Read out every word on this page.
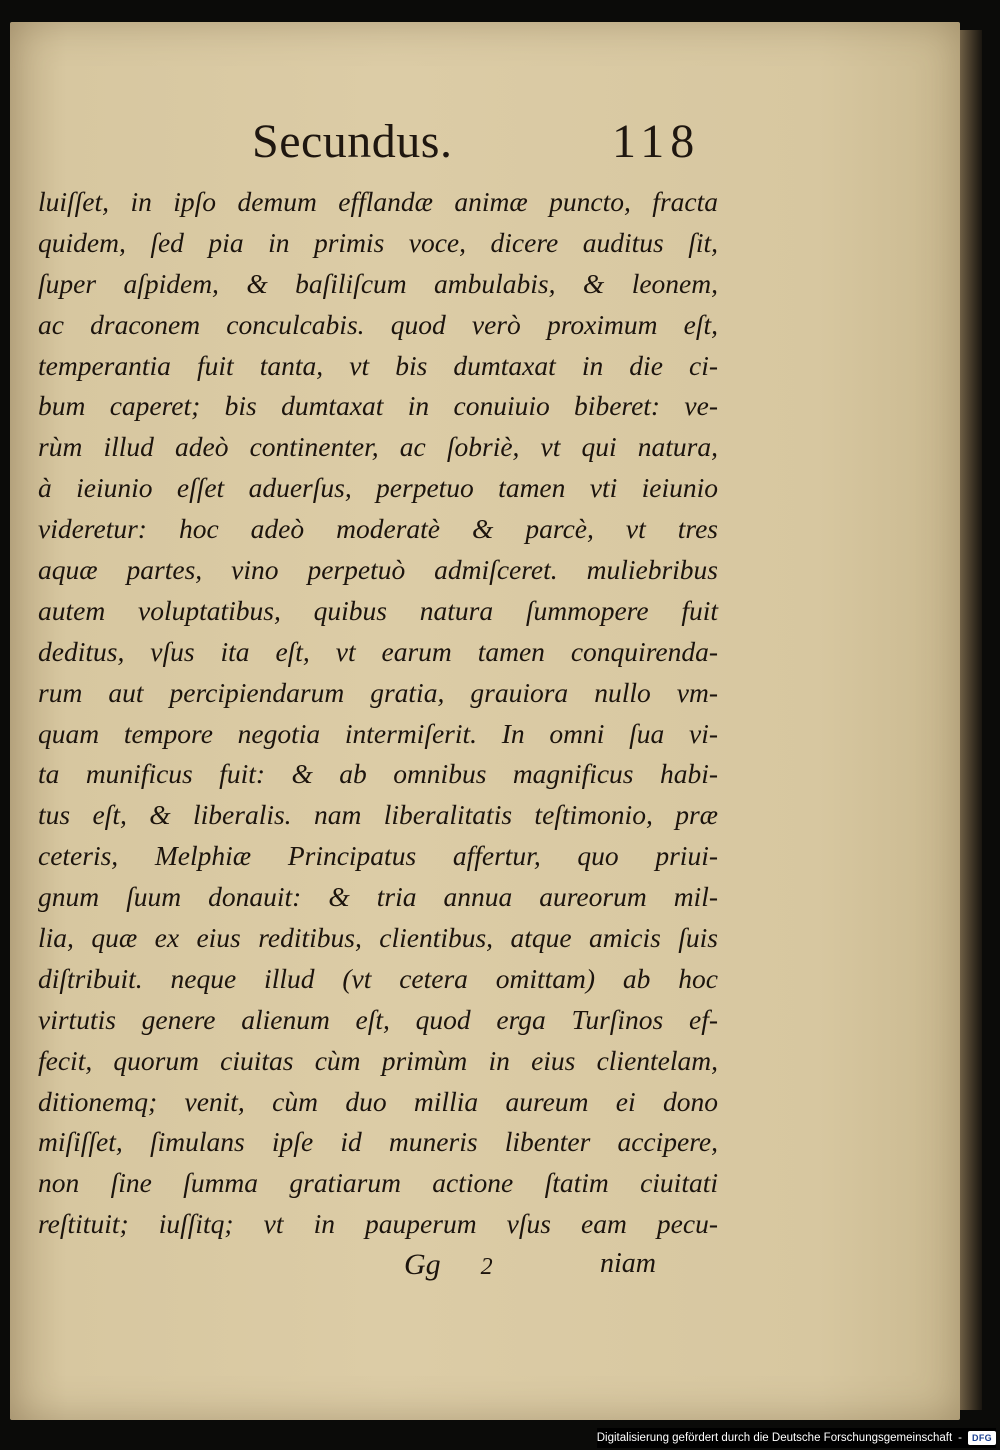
Secundus.	118
luiſſet, in ipſo demum efflandæ animæ puncto, fracta
quidem, ſed pia in primis voce, dicere auditus ſit,
ſuper aſpidem, & baſiliſcum ambulabis, & leonem,
ac draconem conculcabis. quod verò proximum eſt,
temperantia fuit tanta, vt bis dumtaxat in die ci-
bum caperet; bis dumtaxat in conuiuio biberet: ve-
rùm illud adeò continenter, ac ſobriè, vt qui natura,
à ieiunio eſſet aduerſus, perpetuo tamen vti ieiunio
videretur: hoc adeò moderatè & parcè, vt tres
aquæ partes, vino perpetuò admiſceret. muliebribus
autem voluptatibus, quibus natura ſummopere fuit
deditus, vſus ita eſt, vt earum tamen conquirenda-
rum aut percipiendarum gratia, grauiora nullo vm-
quam tempore negotia intermiſerit. In omni ſua vi-
ta munificus fuit: & ab omnibus magnificus habi-
tus eſt, & liberalis. nam liberalitatis teſtimonio, præ
ceteris, Melphiæ Principatus affertur, quo priui-
gnum ſuum donauit: & tria annua aureorum mil-
lia, quæ ex eius reditibus, clientibus, atque amicis ſuis
diſtribuit. neque illud (vt cetera omittam) ab hoc
virtutis genere alienum eſt, quod erga Turſinos ef-
fecit, quorum ciuitas cùm primùm in eius clientelam,
ditionemq; venit, cùm duo millia aureum ei dono
miſiſſet, ſimulans ipſe id muneris libenter accipere,
non ſine ſumma gratiarum actione ſtatim ciuitati
reſtituit; iuſſitq; vt in pauperum vſus eam pecu-
Gg 2	niam
Digitalisierung gefördert durch die Deutsche Forschungsgemeinschaft - DFG
